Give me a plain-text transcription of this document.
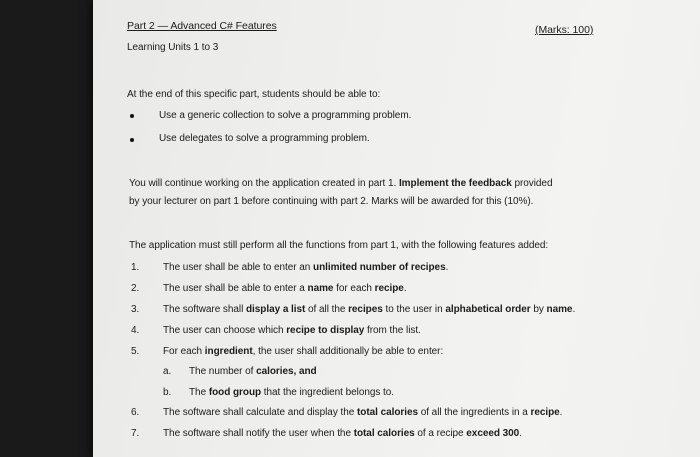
Part 2 — Advanced C# Features	(Marks: 100)
Learning Units 1 to 3
At the end of this specific part, students should be able to:
Use a generic collection to solve a programming problem.
Use delegates to solve a programming problem.
You will continue working on the application created in part 1. Implement the feedback provided
by your lecturer on part 1 before continuing with part 2. Marks will be awarded for this (10%).
The application must still perform all the functions from part 1, with the following features added:
1. The user shall be able to enter an unlimited number of recipes.
2. The user shall be able to enter a name for each recipe.
3. The software shall display a list of all the recipes to the user in alphabetical order by name.
4. The user can choose which recipe to display from the list.
5. For each ingredient, the user shall additionally be able to enter:
a. The number of calories, and
b. The food group that the ingredient belongs to.
6. The software shall calculate and display the total calories of all the ingredients in a recipe.
7. The software shall notify the user when the total calories of a recipe exceed 300.
